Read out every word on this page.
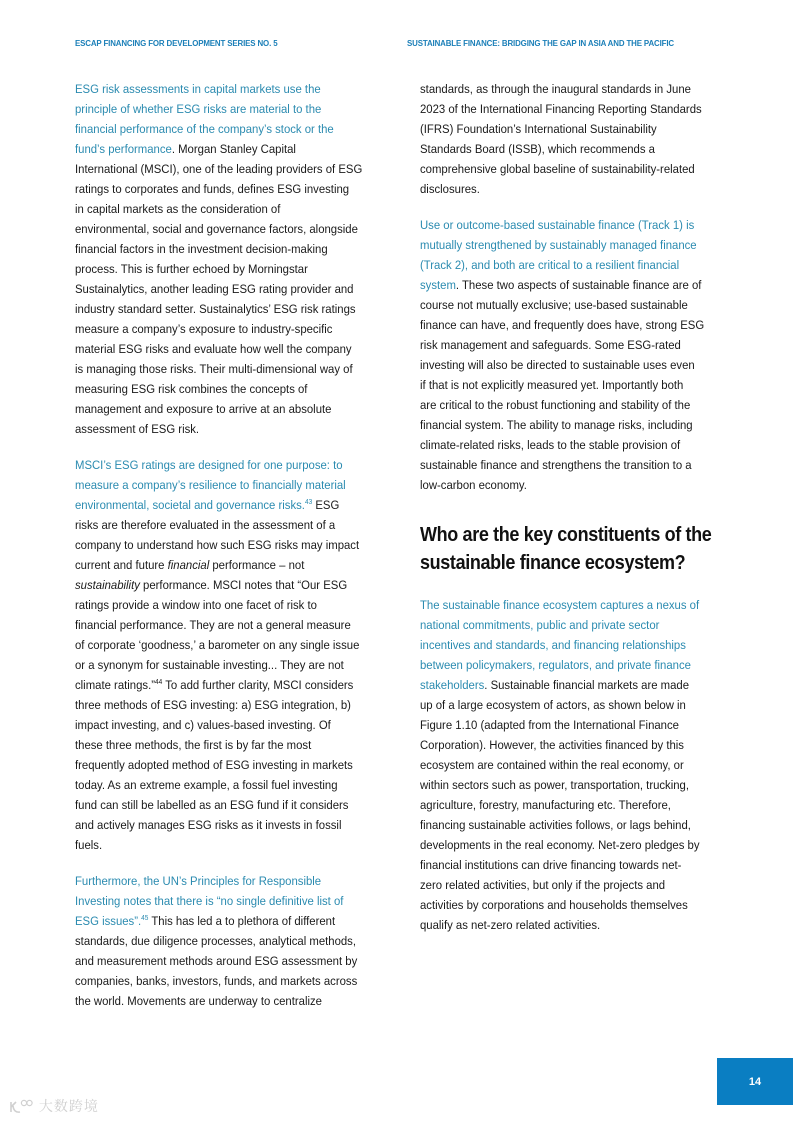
ESCAP FINANCING FOR DEVELOPMENT SERIES NO. 5	SUSTAINABLE FINANCE: BRIDGING THE GAP IN ASIA AND THE PACIFIC
ESG risk assessments in capital markets use the
principle of whether ESG risks are material to the
financial performance of the company’s stock or the
fund’s performance. Morgan Stanley Capital
International (MSCI), one of the leading providers of ESG
ratings to corporates and funds, defines ESG investing
in capital markets as the consideration of
environmental, social and governance factors, alongside
financial factors in the investment decision-making
process. This is further echoed by Morningstar
Sustainalytics, another leading ESG rating provider and
industry standard setter. Sustainalytics’ ESG risk ratings
measure a company’s exposure to industry-specific
material ESG risks and evaluate how well the company
is managing those risks. Their multi-dimensional way of
measuring ESG risk combines the concepts of
management and exposure to arrive at an absolute
assessment of ESG risk.
MSCI’s ESG ratings are designed for one purpose: to
measure a company’s resilience to financially material
environmental, societal and governance risks.$^{43}$ ESG
risks are therefore evaluated in the assessment of a
company to understand how such ESG risks may impact
current and future financial performance – not
sustainability performance. MSCI notes that “Our ESG
ratings provide a window into one facet of risk to
financial performance. They are not a general measure
of corporate ‘goodness,’ a barometer on any single issue
or a synonym for sustainable investing... They are not
climate ratings.”$^{44}$ To add further clarity, MSCI considers
three methods of ESG investing: a) ESG integration, b)
impact investing, and c) values-based investing. Of
these three methods, the first is by far the most
frequently adopted method of ESG investing in markets
today. As an extreme example, a fossil fuel investing
fund can still be labelled as an ESG fund if it considers
and actively manages ESG risks as it invests in fossil
fuels.
Furthermore, the UN’s Principles for Responsible
Investing notes that there is “no single definitive list of
ESG issues”.$^{45}$ This has led a to plethora of different
standards, due diligence processes, analytical methods,
and measurement methods around ESG assessment by
companies, banks, investors, funds, and markets across
the world. Movements are underway to centralize
standards, as through the inaugural standards in June
2023 of the International Financing Reporting Standards
(IFRS) Foundation’s International Sustainability
Standards Board (ISSB), which recommends a
comprehensive global baseline of sustainability-related
disclosures.
Use or outcome-based sustainable finance (Track 1) is
mutually strengthened by sustainably managed finance
(Track 2), and both are critical to a resilient financial
system. These two aspects of sustainable finance are of
course not mutually exclusive; use-based sustainable
finance can have, and frequently does have, strong ESG
risk management and safeguards. Some ESG-rated
investing will also be directed to sustainable uses even
if that is not explicitly measured yet. Importantly both
are critical to the robust functioning and stability of the
financial system. The ability to manage risks, including
climate-related risks, leads to the stable provision of
sustainable finance and strengthens the transition to a
low-carbon economy.
Who are the key constituents of the
sustainable finance ecosystem?
The sustainable finance ecosystem captures a nexus of
national commitments, public and private sector
incentives and standards, and financing relationships
between policymakers, regulators, and private finance
stakeholders. Sustainable financial markets are made
up of a large ecosystem of actors, as shown below in
Figure 1.10 (adapted from the International Finance
Corporation). However, the activities financed by this
ecosystem are contained within the real economy, or
within sectors such as power, transportation, trucking,
agriculture, forestry, manufacturing etc. Therefore,
financing sustainable activities follows, or lags behind,
developments in the real economy. Net-zero pledges by
financial institutions can drive financing towards net-
zero related activities, but only if the projects and
activities by corporations and households themselves
qualify as net-zero related activities.
14
大数跨境
